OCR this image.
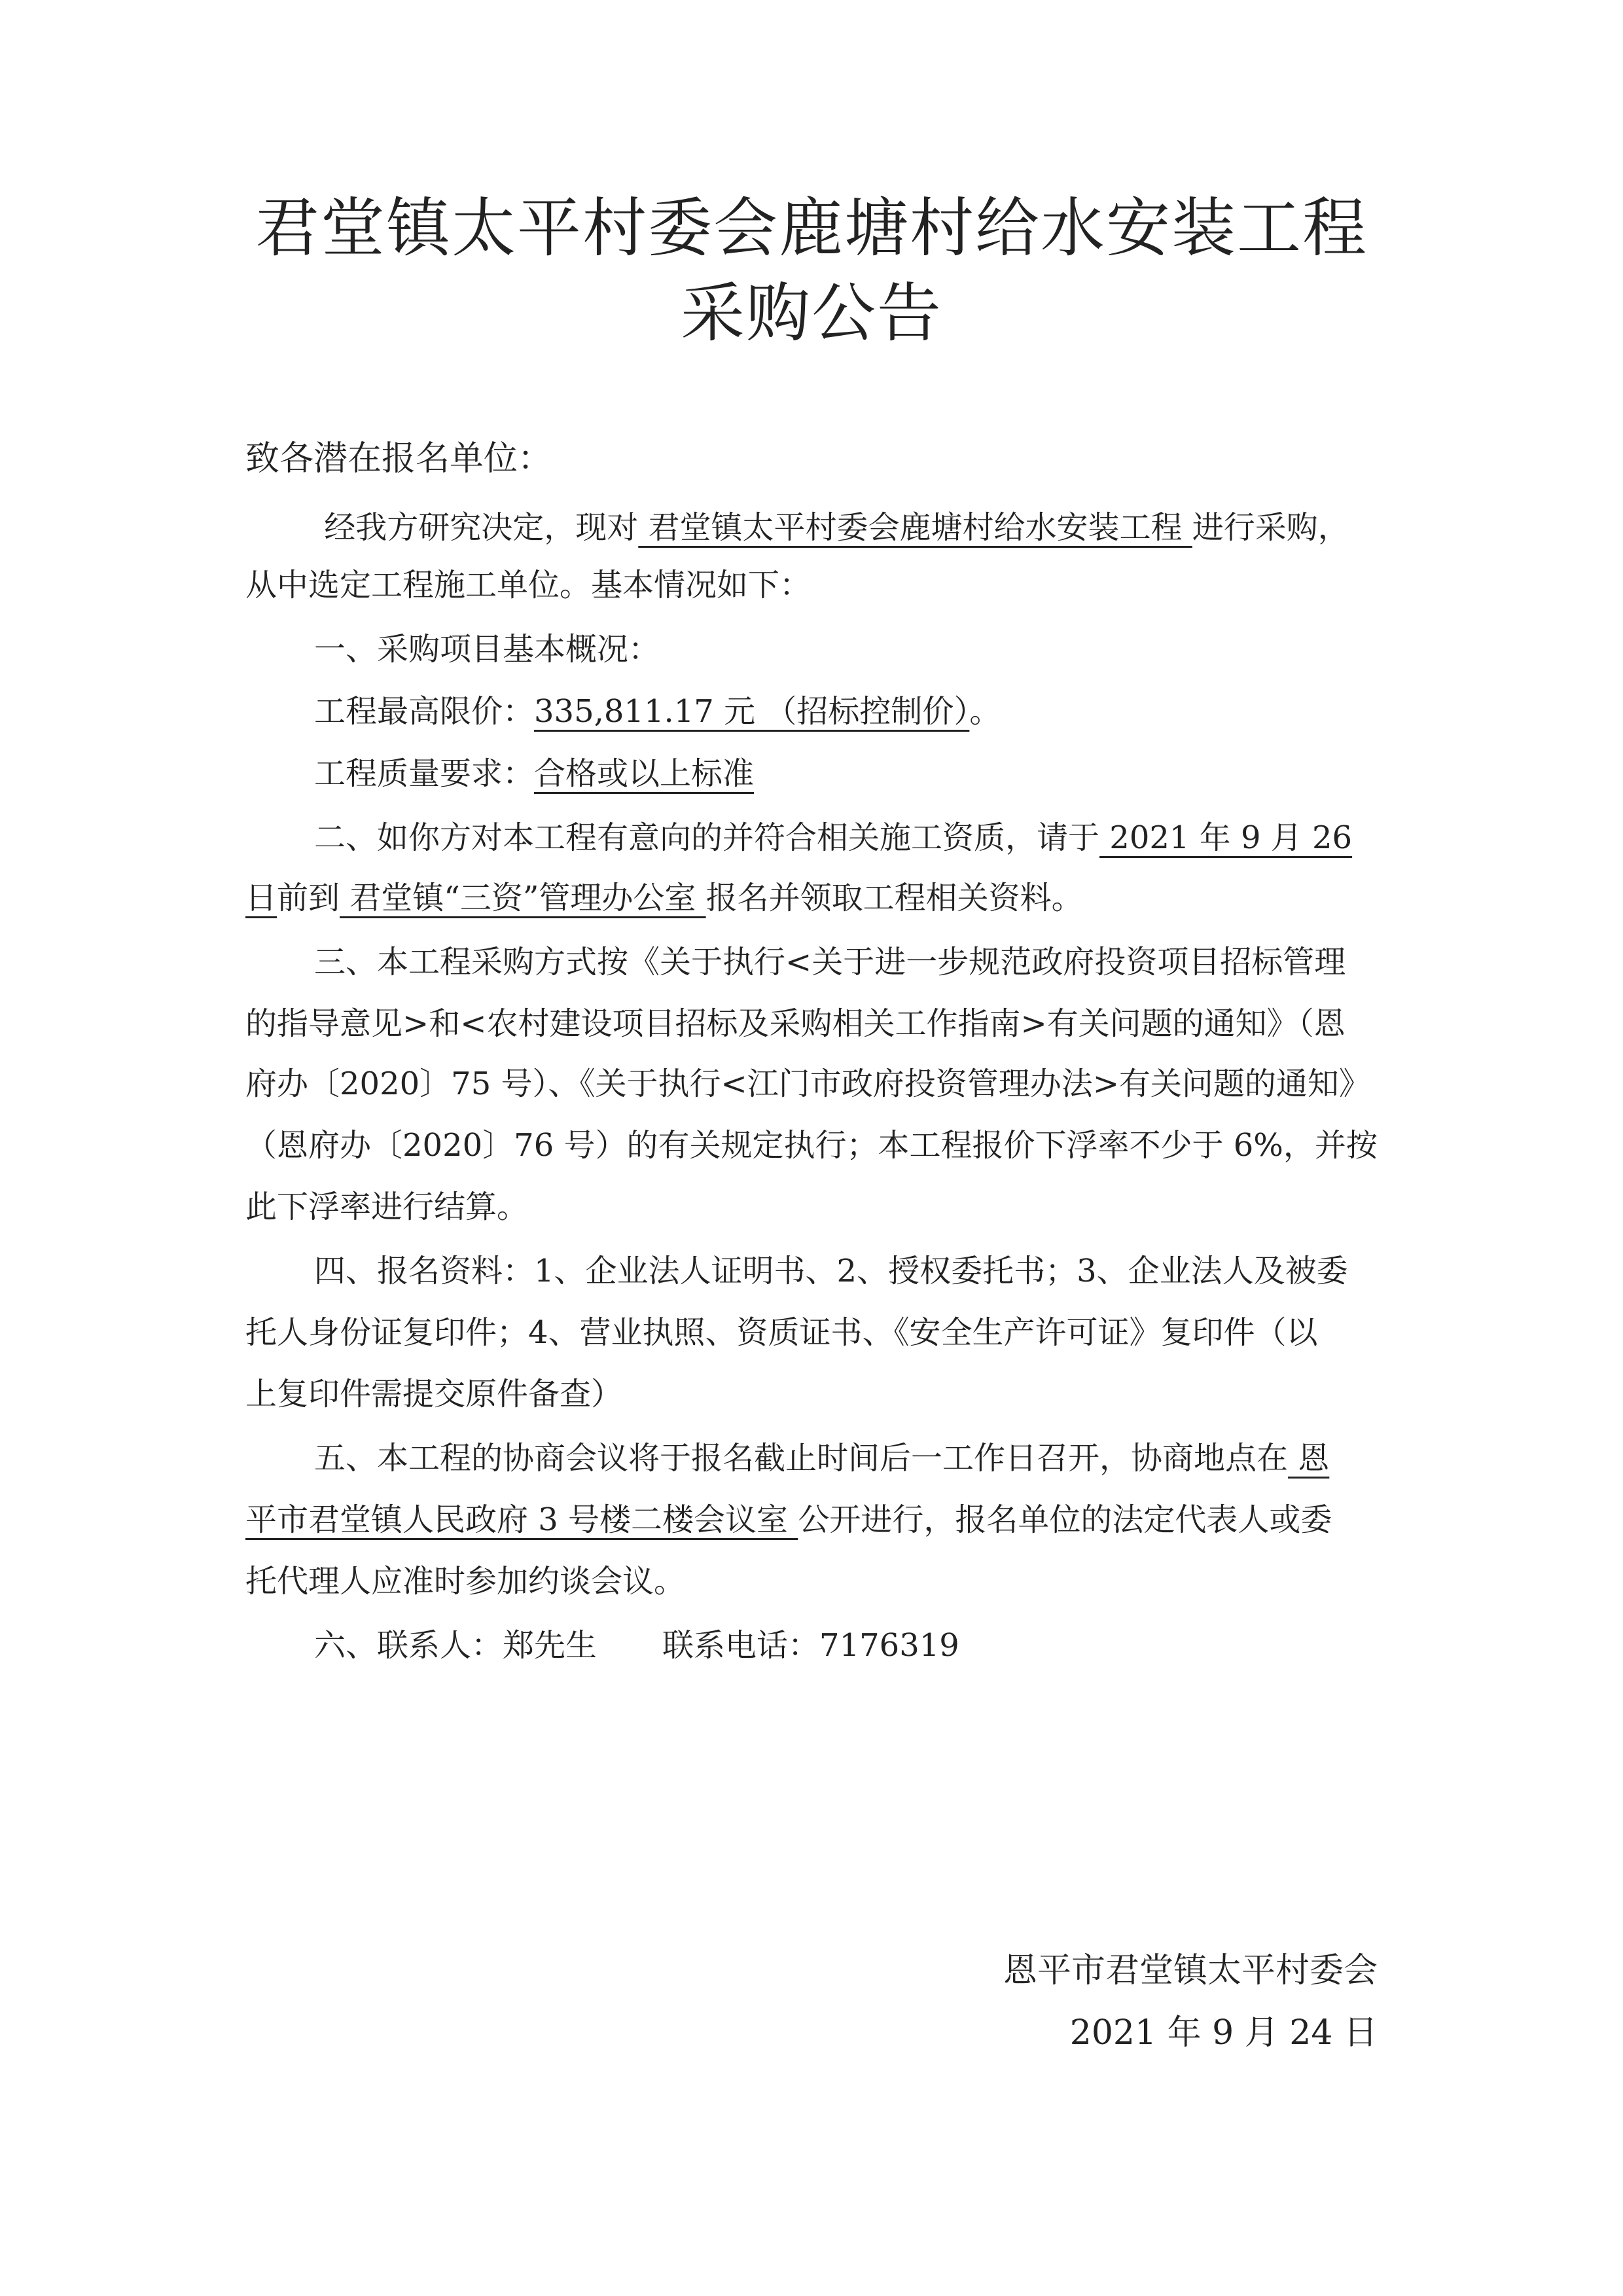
君堂镇太平村委会鹿塘村给水安装工程
采购公告
致各潜在报名单位：
经我方研究决定，现对 君堂镇太平村委会鹿塘村给水安装工程 进行采购，
从中选定工程施工单位。基本情况如下：
一、采购项目基本概况：
工程最高限价：335,811.17 元 （招标控制价）。
工程质量要求：合格或以上标准
二、如你方对本工程有意向的并符合相关施工资质，请于 2021 年 9 月 26
日前到 君堂镇“三资”管理办公室 报名并领取工程相关资料。
三、本工程采购方式按《关于执行<关于进一步规范政府投资项目招标管理
的指导意见>和<农村建设项目招标及采购相关工作指南>有关问题的通知》（恩
府办〔2020〕75 号）、《关于执行<江门市政府投资管理办法>有关问题的通知》
（恩府办〔2020〕76 号）的有关规定执行；本工程报价下浮率不少于 6%，并按
此下浮率进行结算。
四、报名资料：1、企业法人证明书、2、授权委托书；3、企业法人及被委
托人身份证复印件；4、营业执照、资质证书、《安全生产许可证》复印件（以
上复印件需提交原件备查）
五、本工程的协商会议将于报名截止时间后一工作日召开，协商地点在 恩
平市君堂镇人民政府 3 号楼二楼会议室 公开进行，报名单位的法定代表人或委
托代理人应准时参加约谈会议。
六、联系人：郑先生 联系电话：7176319
恩平市君堂镇太平村委会
2021 年 9 月 24 日
